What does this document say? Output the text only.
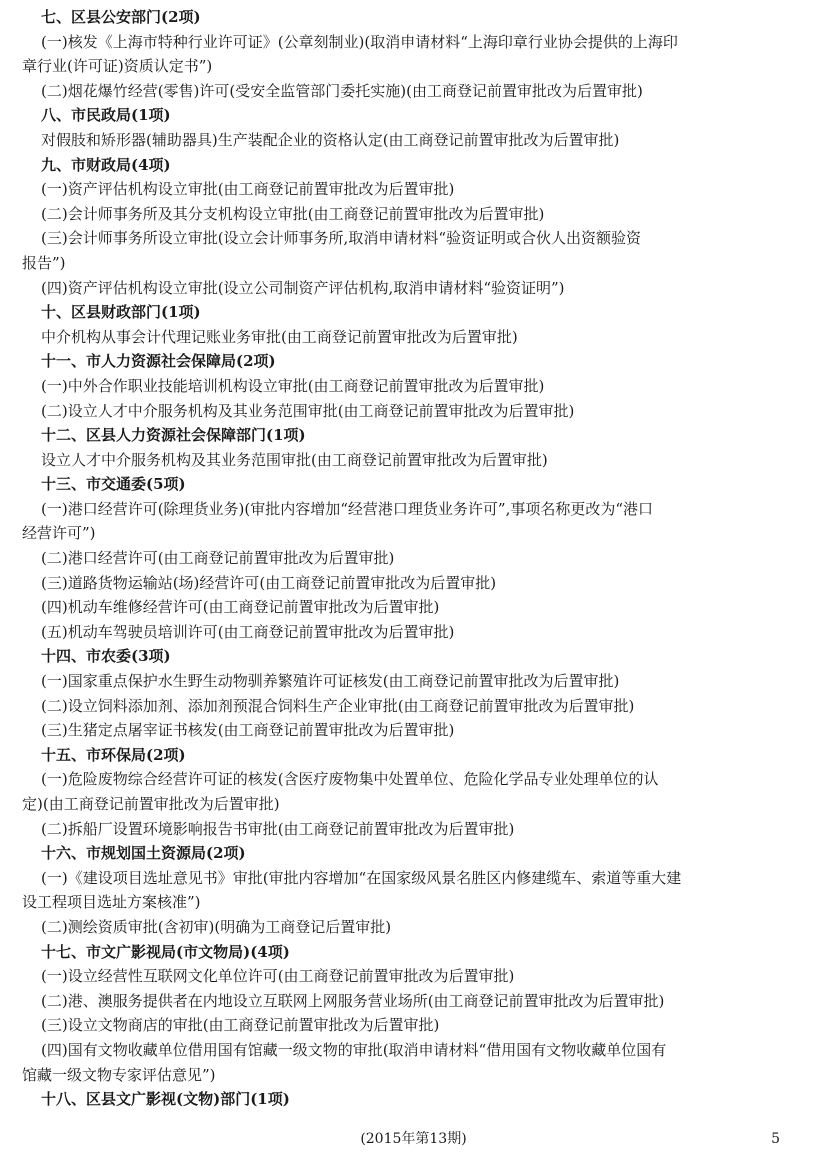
七、区县公安部门(2项)
(一)核发《上海市特种行业许可证》(公章刻制业)(取消申请材料“上海印章行业协会提供的上海印
章行业(许可证)资质认定书”)
(二)烟花爆竹经营(零售)许可(受安全监管部门委托实施)(由工商登记前置审批改为后置审批)
八、市民政局(1项)
对假肢和矫形器(辅助器具)生产装配企业的资格认定(由工商登记前置审批改为后置审批)
九、市财政局(4项)
(一)资产评估机构设立审批(由工商登记前置审批改为后置审批)
(二)会计师事务所及其分支机构设立审批(由工商登记前置审批改为后置审批)
(三)会计师事务所设立审批(设立会计师事务所,取消申请材料“验资证明或合伙人出资额验资
报告”)
(四)资产评估机构设立审批(设立公司制资产评估机构,取消申请材料“验资证明”)
十、区县财政部门(1项)
中介机构从事会计代理记账业务审批(由工商登记前置审批改为后置审批)
十一、市人力资源社会保障局(2项)
(一)中外合作职业技能培训机构设立审批(由工商登记前置审批改为后置审批)
(二)设立人才中介服务机构及其业务范围审批(由工商登记前置审批改为后置审批)
十二、区县人力资源社会保障部门(1项)
设立人才中介服务机构及其业务范围审批(由工商登记前置审批改为后置审批)
十三、市交通委(5项)
(一)港口经营许可(除理货业务)(审批内容增加“经营港口理货业务许可”,事项名称更改为“港口
经营许可”)
(二)港口经营许可(由工商登记前置审批改为后置审批)
(三)道路货物运输站(场)经营许可(由工商登记前置审批改为后置审批)
(四)机动车维修经营许可(由工商登记前置审批改为后置审批)
(五)机动车驾驶员培训许可(由工商登记前置审批改为后置审批)
十四、市农委(3项)
(一)国家重点保护水生野生动物驯养繁殖许可证核发(由工商登记前置审批改为后置审批)
(二)设立饲料添加剂、添加剂预混合饲料生产企业审批(由工商登记前置审批改为后置审批)
(三)生猪定点屠宰证书核发(由工商登记前置审批改为后置审批)
十五、市环保局(2项)
(一)危险废物综合经营许可证的核发(含医疗废物集中处置单位、危险化学品专业处理单位的认
定)(由工商登记前置审批改为后置审批)
(二)拆船厂设置环境影响报告书审批(由工商登记前置审批改为后置审批)
十六、市规划国土资源局(2项)
(一)《建设项目选址意见书》审批(审批内容增加“在国家级风景名胜区内修建缆车、索道等重大建
设工程项目选址方案核准”)
(二)测绘资质审批(含初审)(明确为工商登记后置审批)
十七、市文广影视局(市文物局)(4项)
(一)设立经营性互联网文化单位许可(由工商登记前置审批改为后置审批)
(二)港、澳服务提供者在内地设立互联网上网服务营业场所(由工商登记前置审批改为后置审批)
(三)设立文物商店的审批(由工商登记前置审批改为后置审批)
(四)国有文物收藏单位借用国有馆藏一级文物的审批(取消申请材料“借用国有文物收藏单位国有
馆藏一级文物专家评估意见”)
十八、区县文广影视(文物)部门(1项)
(2015年第13期)	5
